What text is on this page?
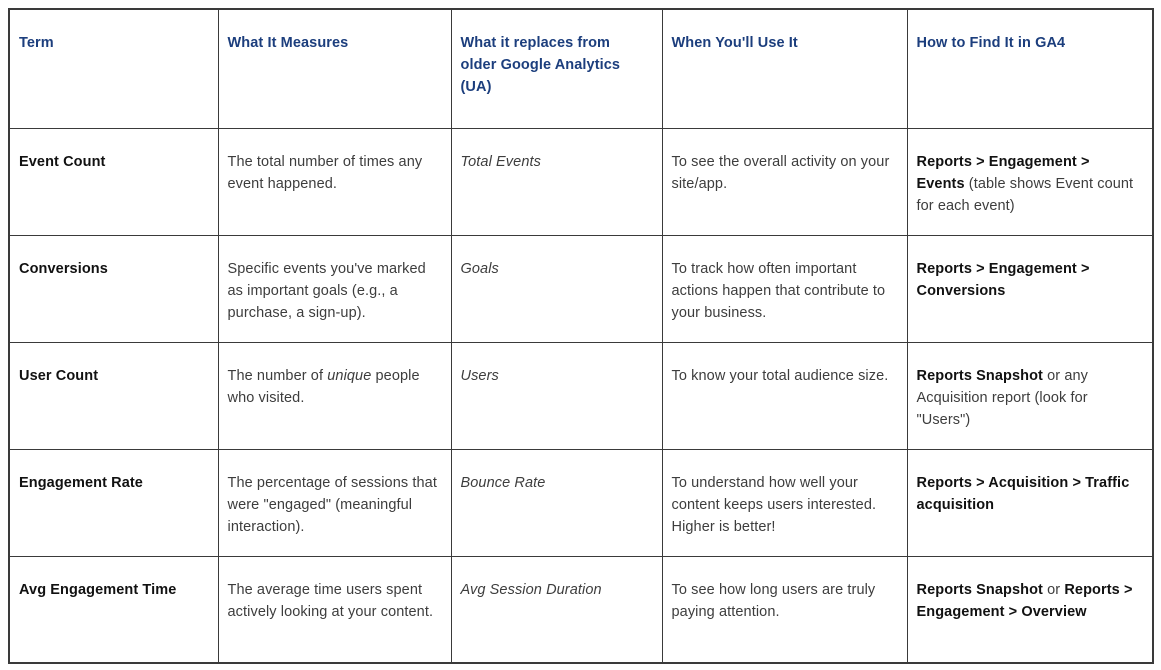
Term	What It Measures	What it replaces from older Google Analytics (UA)	When You'll Use It	How to Find It in GA4
Event Count	The total number of times any event happened.	Total Events	To see the overall activity on your site/app.	Reports > Engagement > Events (table shows Event count for each event)
Conversions	Specific events you've marked as important goals (e.g., a purchase, a sign-up).	Goals	To track how often important actions happen that contribute to your business.	Reports > Engagement > Conversions
User Count	The number of unique people who visited.	Users	To know your total audience size.	Reports Snapshot or any Acquisition report (look for "Users")
Engagement Rate	The percentage of sessions that were "engaged" (meaningful interaction).	Bounce Rate	To understand how well your content keeps users interested. Higher is better!	Reports > Acquisition > Traffic acquisition
Avg Engagement Time	The average time users spent actively looking at your content.	Avg Session Duration	To see how long users are truly paying attention.	Reports Snapshot or Reports > Engagement > Overview
